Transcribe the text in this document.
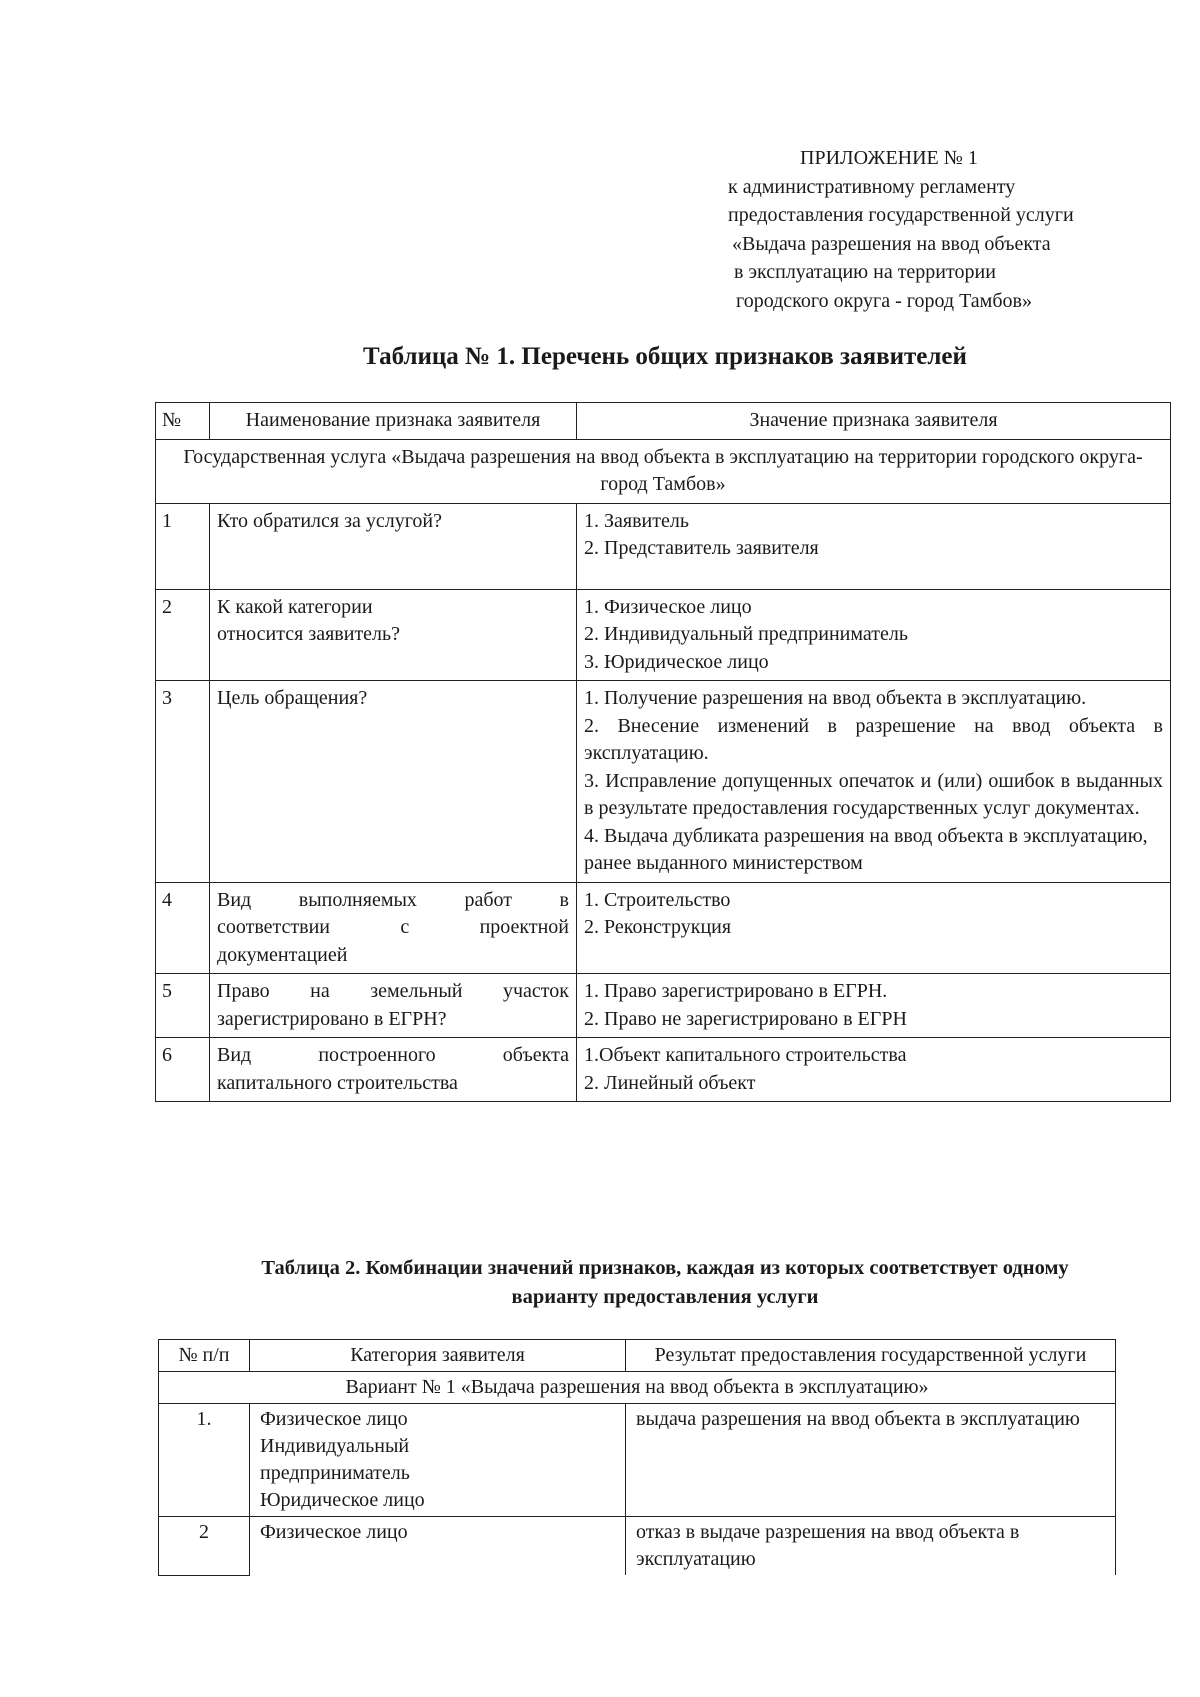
ПРИЛОЖЕНИЕ № 1
к административному регламенту
предоставления государственной услуги
«Выдача разрешения на ввод объекта
в эксплуатацию на территории
городского округа - город Тамбов»
Таблица № 1. Перечень общих признаков заявителей
№	Наименование признака заявителя	Значение признака заявителя
Государственная услуга «Выдача разрешения на ввод объекта в эксплуатацию на территории городского округа- город Тамбов»		
1	Кто обратился за услугой?	1. Заявитель
2. Представитель заявителя

2	К какой категории
относится заявитель?	1. Физическое лицо
2. Индивидуальный предприниматель
3. Юридическое лицо

3	Цель обращения?	1. Получение разрешения на ввод объекта в эксплуатацию.
2. Внесение изменений в разрешение на ввод объекта в эксплуатацию.
3. Исправление допущенных опечаток и (или) ошибок в выданных в результате предоставления государственных услуг документах.
4. Выдача дубликата разрешения на ввод объекта в эксплуатацию, ранее выданного министерством

4	Вид выполняемых работ в
соответствии с проектной
документацией	1. Строительство
2. Реконструкция

5	Право на земельный участок
зарегистрировано в ЕГРН?	1. Право зарегистрировано в ЕГРН.
2. Право не зарегистрировано в ЕГРН

6	Вид построенного объекта
капитального строительства	1.Объект капитального строительства
2. Линейный объект
Таблица 2. Комбинации значений признаков, каждая из которых соответствует одному
варианту предоставления услуги
№ п/п	Категория заявителя	Результат предоставления государственной услуги
Вариант № 1 «Выдача разрешения на ввод объекта в эксплуатацию»		
1.	Физическое лицо
Индивидуальный
предприниматель
Юридическое лицо	выдача разрешения на ввод объекта в эксплуатацию
2	Физическое лицо	отказ в выдаче разрешения на ввод объекта в эксплуатацию
